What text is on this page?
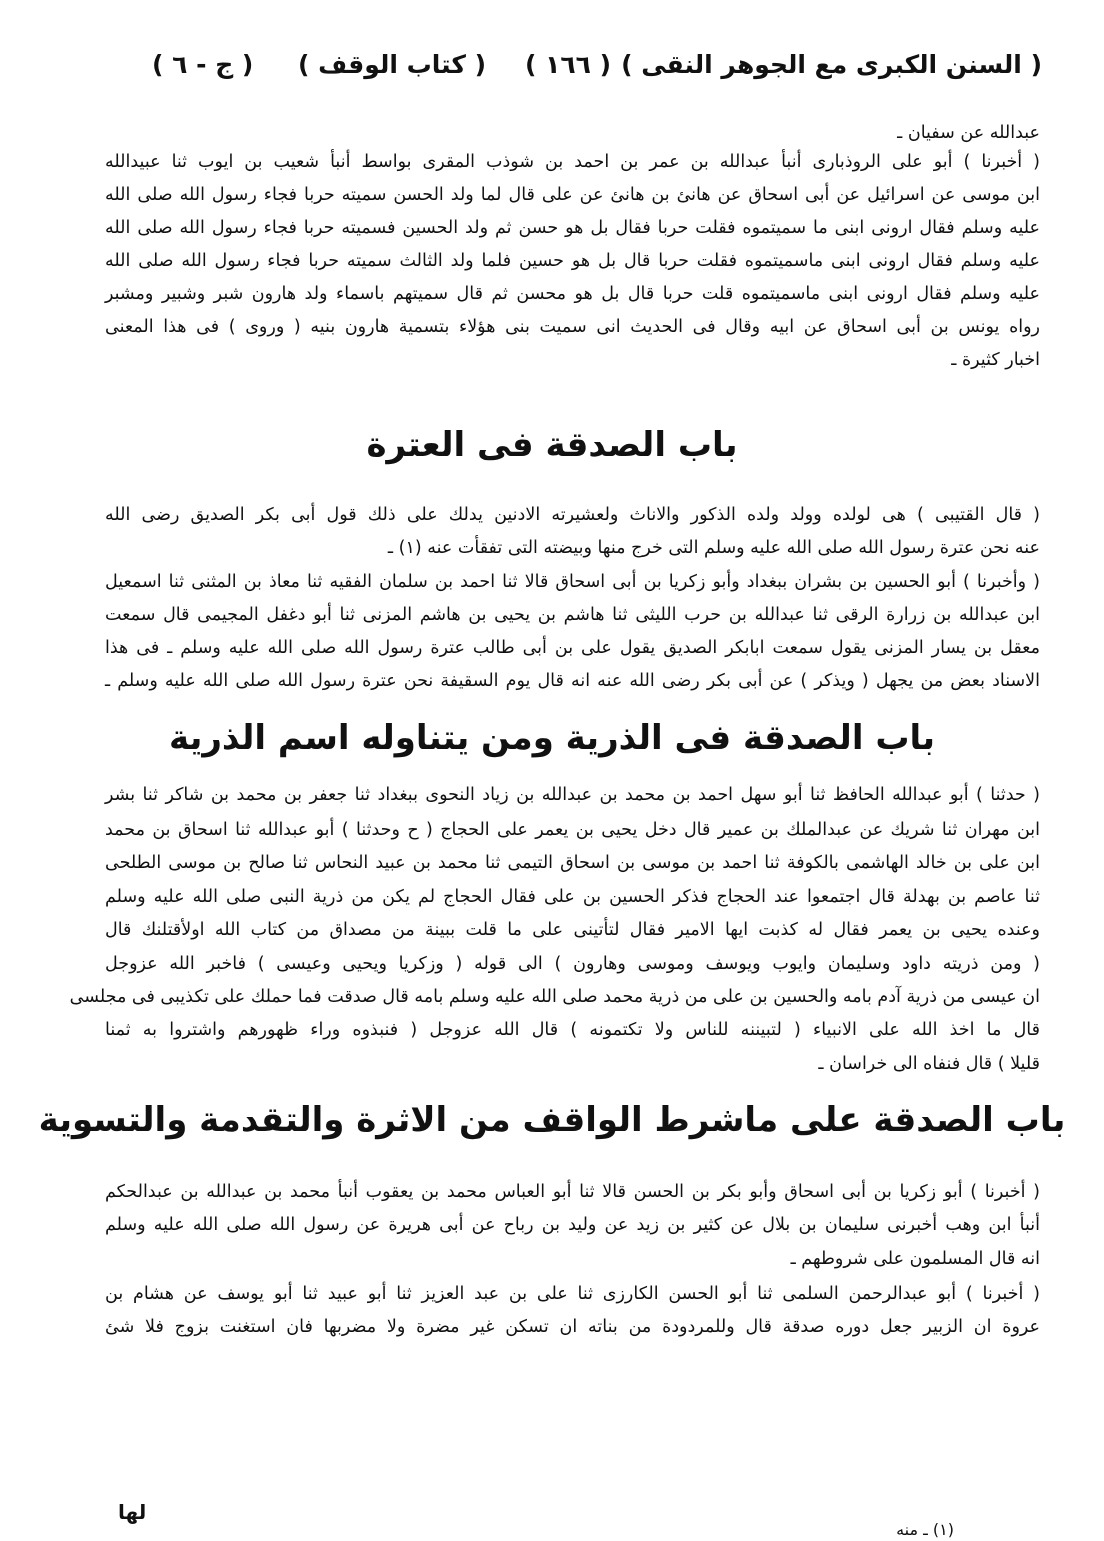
( السنن الكبرى مع الجوهر النقى )
( ١٦٦ )
( كتاب الوقف )
( ج - ٦ )
عبدالله عن سفيان ـ
( أخبرنا ) أبو على الروذبارى أنبأ عبدالله بن عمر بن احمد بن شوذب المقرى بواسط أنبأ شعيب بن ايوب ثنا عبيدالله
ابن موسى عن اسرائيل عن أبى اسحاق عن هانئ بن هانئ عن على قال لما ولد الحسن سميته حربا فجاء رسول الله صلى الله
عليه وسلم فقال ارونى ابنى ما سميتموه فقلت حربا فقال بل هو حسن ثم ولد الحسين فسميته حربا فجاء رسول الله صلى الله
عليه وسلم فقال ارونى ابنى ماسميتموه فقلت حربا قال بل هو حسين فلما ولد الثالث سميته حربا فجاء رسول الله صلى الله
عليه وسلم فقال ارونى ابنى ماسميتموه قلت حربا قال بل هو محسن ثم قال سميتهم باسماء ولد هارون شبر وشبير ومشبر
رواه يونس بن أبى اسحاق عن ابيه وقال فى الحديث انى سميت بنى هؤلاء بتسمية هارون بنيه ( وروى ) فى هذا المعنى
اخبار كثيرة ـ
باب الصدقة فى العترة
( قال القتيبى ) هى لولده وولد ولده الذكور والاناث ولعشيرته الادنين يدلك على ذلك قول أبى بكر الصديق رضى الله
عنه نحن عترة رسول الله صلى الله عليه وسلم التى خرج منها وبيضته التى تفقأت عنه (١) ـ
( وأخبرنا ) أبو الحسين بن بشران ببغداد وأبو زكريا بن أبى اسحاق قالا ثنا احمد بن سلمان الفقيه ثنا معاذ بن المثنى ثنا اسمعيل
ابن عبدالله بن زرارة الرقى ثنا عبدالله بن حرب الليثى ثنا هاشم بن يحيى بن هاشم المزنى ثنا أبو دغفل المجيمى قال سمعت
معقل بن يسار المزنى يقول سمعت ابابكر الصديق يقول على بن أبى طالب عترة رسول الله صلى الله عليه وسلم ـ فى هذا
الاسناد بعض من يجهل ( ويذكر ) عن أبى بكر رضى الله عنه انه قال يوم السقيفة نحن عترة رسول الله صلى الله عليه وسلم ـ
باب الصدقة فى الذرية ومن يتناوله اسم الذرية
( حدثنا ) أبو عبدالله الحافظ ثنا أبو سهل احمد بن محمد بن عبدالله بن زياد النحوى ببغداد ثنا جعفر بن محمد بن شاكر ثنا بشر
ابن مهران ثنا شريك عن عبدالملك بن عمير قال دخل يحيى بن يعمر على الحجاج ( ح وحدثنا ) أبو عبدالله ثنا اسحاق بن محمد
ابن على بن خالد الهاشمى بالكوفة ثنا احمد بن موسى بن اسحاق التيمى ثنا محمد بن عبيد النحاس ثنا صالح بن موسى الطلحى
ثنا عاصم بن بهدلة قال اجتمعوا عند الحجاج فذكر الحسين بن على فقال الحجاج لم يكن من ذرية النبى صلى الله عليه وسلم
وعنده يحيى بن يعمر فقال له كذبت ايها الامير فقال لتأتينى على ما قلت ببينة من مصداق من كتاب الله اولأقتلنك قال
( ومن ذريته داود وسليمان وايوب ويوسف وموسى وهارون ) الى قوله ( وزكريا ويحيى وعيسى ) فاخبر الله عزوجل
ان عيسى من ذرية آدم بامه والحسين بن على من ذرية محمد صلى الله عليه وسلم بامه قال صدقت فما حملك على تكذيبى فى مجلسى
قال ما اخذ الله على الانبياء ( لتبيننه للناس ولا تكتمونه ) قال الله عزوجل ( فنبذوه وراء ظهورهم واشتروا به ثمنا
قليلا ) قال فنفاه الى خراسان ـ
باب الصدقة على ماشرط الواقف من الاثرة والتقدمة والتسوية
( أخبرنا ) أبو زكريا بن أبى اسحاق وأبو بكر بن الحسن قالا ثنا أبو العباس محمد بن يعقوب أنبأ محمد بن عبدالله بن عبدالحكم
أنبأ ابن وهب أخبرنى سليمان بن بلال عن كثير بن زيد عن وليد بن رباح عن أبى هريرة عن رسول الله صلى الله عليه وسلم
انه قال المسلمون على شروطهم ـ
( أخبرنا ) أبو عبدالرحمن السلمى ثنا أبو الحسن الكارزى ثنا على بن عبد العزيز ثنا أبو عبيد ثنا أبو يوسف عن هشام بن
عروة ان الزبير جعل دوره صدقة قال وللمردودة من بناته ان تسكن غير مضرة ولا مضربها فان استغنت بزوج فلا شئ
(١) ـ منه
لها
